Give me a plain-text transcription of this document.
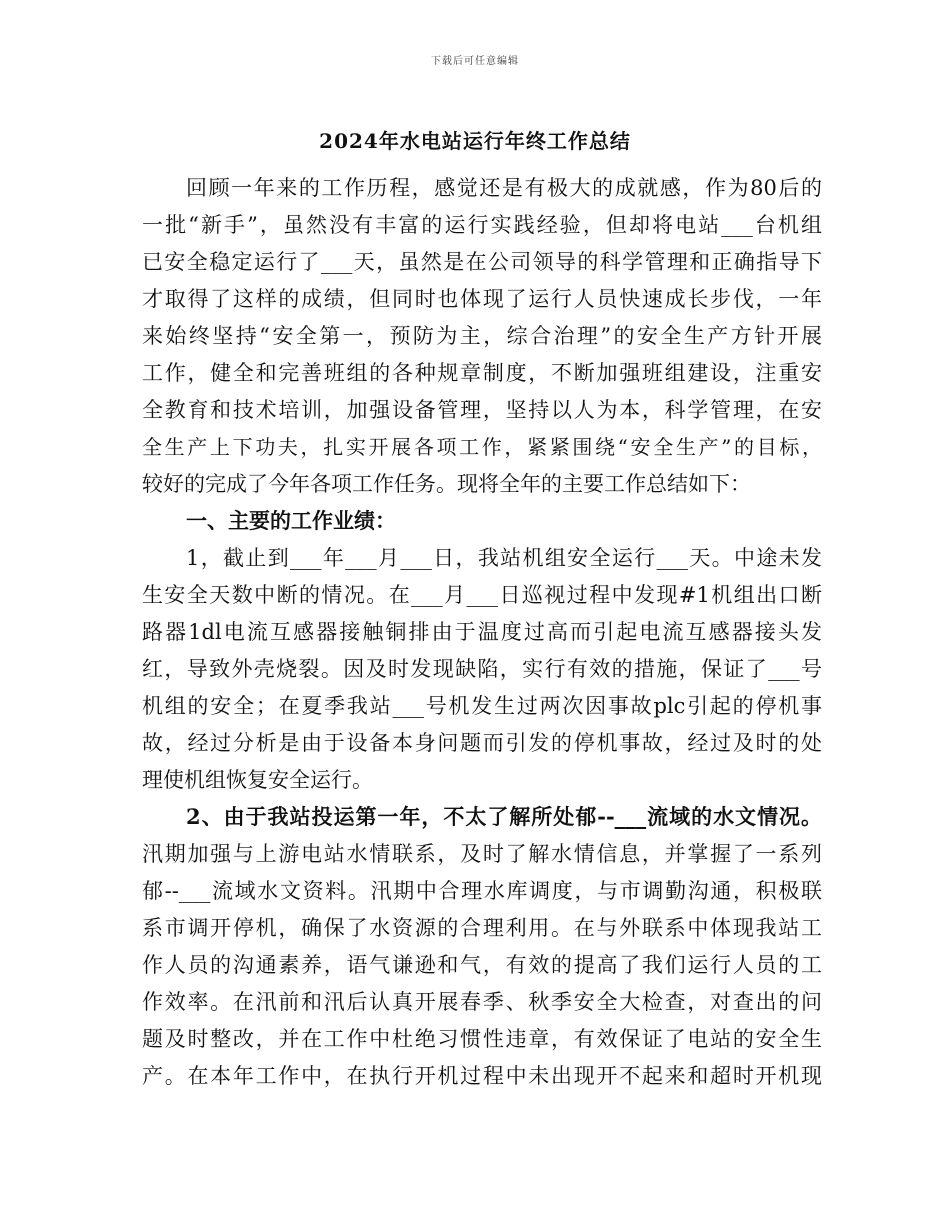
下载后可任意编辑
2024年水电站运行年终工作总结
回顾一年来的工作历程，感觉还是有极大的成就感，作为80后的
一批“新手”，虽然没有丰富的运行实践经验，但却将电站___台机组
已安全稳定运行了___天，虽然是在公司领导的科学管理和正确指导下
才取得了这样的成绩，但同时也体现了运行人员快速成长步伐，一年
来始终坚持“安全第一，预防为主，综合治理”的安全生产方针开展
工作，健全和完善班组的各种规章制度，不断加强班组建设，注重安
全教育和技术培训，加强设备管理，坚持以人为本，科学管理，在安
全生产上下功夫，扎实开展各项工作，紧紧围绕“安全生产”的目标，
较好的完成了今年各项工作任务。现将全年的主要工作总结如下：
一、主要的工作业绩：
1，截止到___年___月___日，我站机组安全运行___天。中途未发
生安全天数中断的情况。在___月___日巡视过程中发现#1机组出口断
路器1dl电流互感器接触铜排由于温度过高而引起电流互感器接头发
红，导致外壳烧裂。因及时发现缺陷，实行有效的措施，保证了___号
机组的安全；在夏季我站___号机发生过两次因事故plc引起的停机事
故，经过分析是由于设备本身问题而引发的停机事故，经过及时的处
理使机组恢复安全运行。
2、由于我站投运第一年，不太了解所处郁--___流域的水文情况。
汛期加强与上游电站水情联系，及时了解水情信息，并掌握了一系列
郁--___流域水文资料。汛期中合理水库调度，与市调勤沟通，积极联
系市调开停机，确保了水资源的合理利用。在与外联系中体现我站工
作人员的沟通素养，语气谦逊和气，有效的提高了我们运行人员的工
作效率。在汛前和汛后认真开展春季、秋季安全大检查，对查出的问
题及时整改，并在工作中杜绝习惯性违章，有效保证了电站的安全生
产。在本年工作中，在执行开机过程中未出现开不起来和超时开机现
